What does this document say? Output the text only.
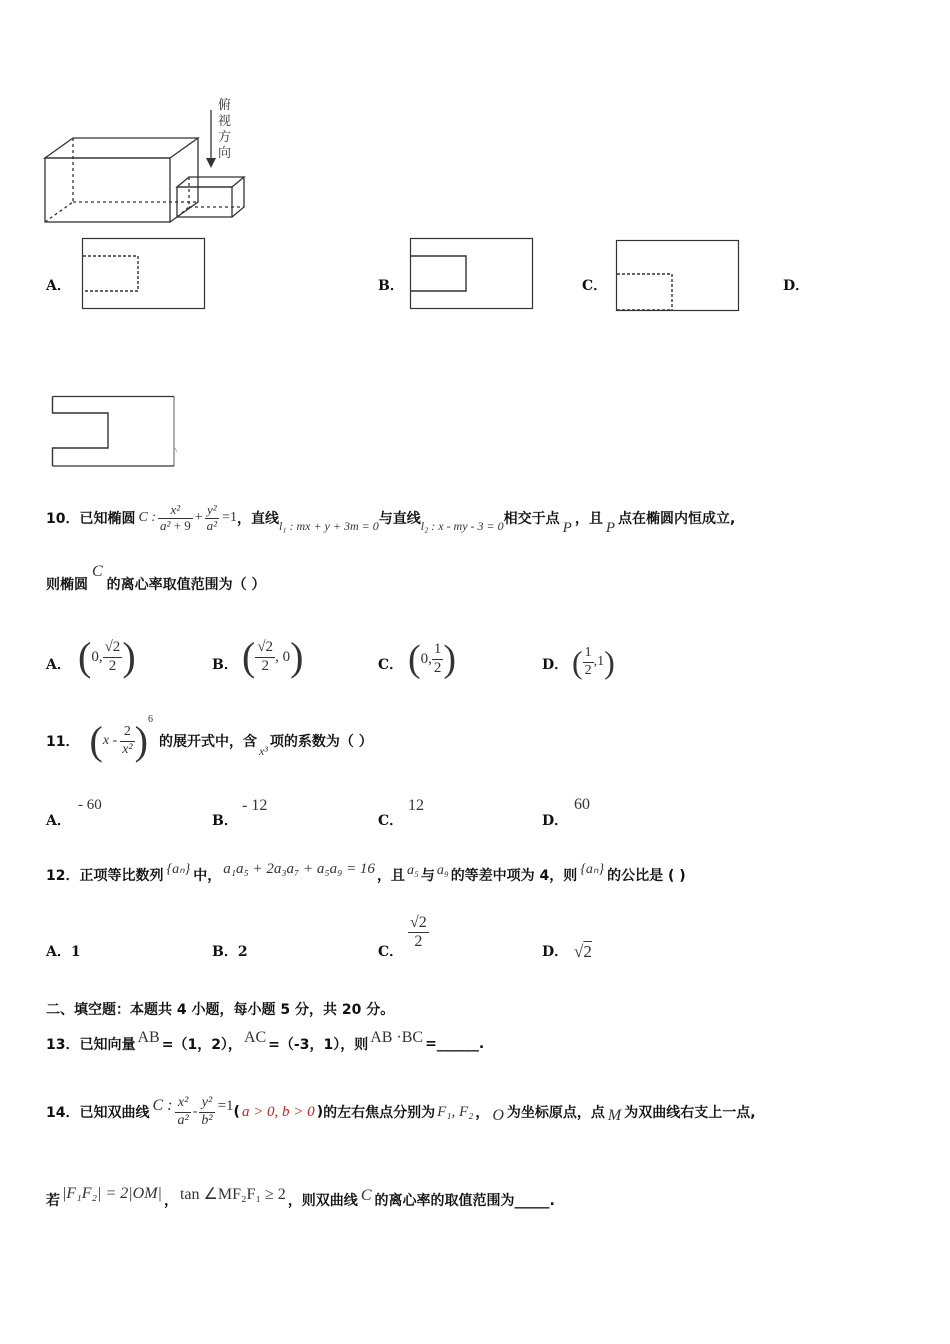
俯视方向
A．	B．	C．	D．
10．已知椭圆 C : $\frac{\text{x²}}{\text{a² + 9}} + \frac{\text{y²}}{\text{a²}} =1$ ，直线 l₁ : mx + y + 3m = 0 与直线 l₂ : x - my - 3 = 0 相交于点
P
，且
P
点在椭圆内恒成立,
则椭圆
C
的离心率取值范围为（ ）
A． ( 0, $\frac{√2}{2}$ )	B． ( $\frac{√2}{2}$ , 0 )	C． ( 0, $\frac{1}{2}$ )	D． ( $\frac{1}{2} ,1$ )
11． ( x - $\frac{2}{\text{x²}}$ ) 6
的展开式中，含
x³
项的系数为（ ）
A．
- 60
B．
- 12
C．
12
D．
60
12．正项等比数列 {aₙ} 中， a₁a₅ + 2a₃a₇ + a₅a₉ = 16 ，且 a₅ 与 a₉ 的等差中项为 4，则 {aₙ} 的公比是 ( )
A．1	B．2	C．
$\frac{√2}{2}$
D． √2
二、填空题：本题共 4 小题，每小题 5 分，共 20 分。
13．已知向量 AB =（1，2）， AC =（-3，1），则 AB ·BC =______.
14．已知双曲线 C : $\frac{\text{x²}}{\text{a²}} - \frac{\text{y²}}{\text{b²}} =1$ ( a > 0, b > 0 ) 的左右焦点分别为 F₁, F₂ ， O 为坐标原点，点 M 为双曲线右支上一点,
若 |F₁F₂| = 2|OM| ， tan ∠MF₂F₁ ≥ 2 ，则双曲线 C 的离心率的取值范围为_____.
